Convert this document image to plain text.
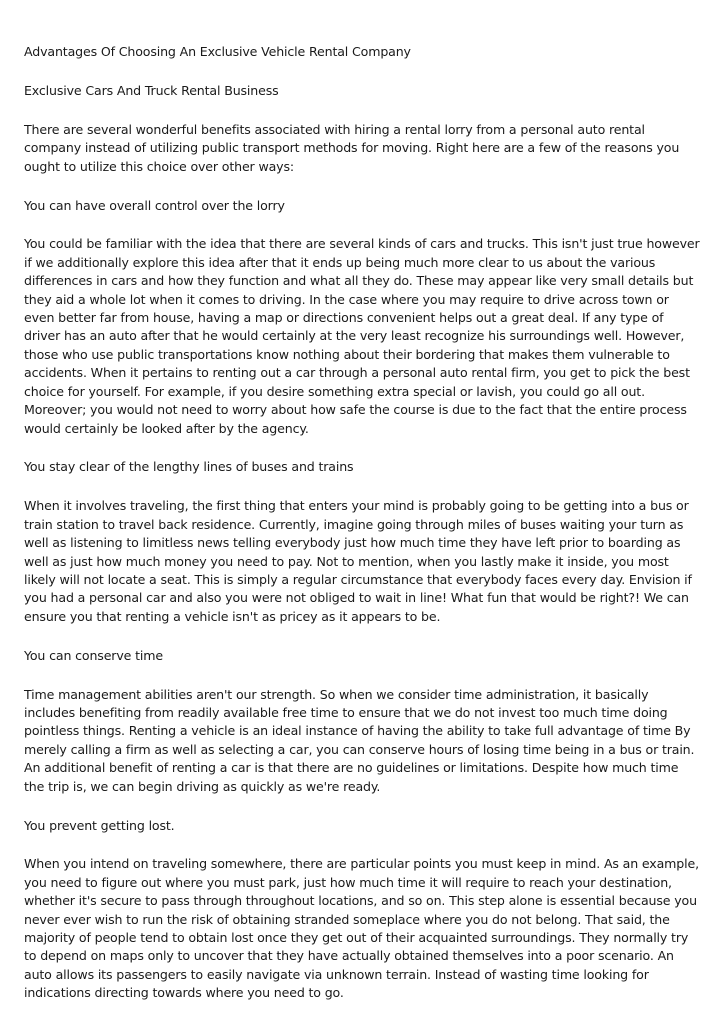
Advantages Of Choosing An Exclusive Vehicle Rental Company
Exclusive Cars And Truck Rental Business
There are several wonderful benefits associated with hiring a rental lorry from a personal auto rental company instead of utilizing public transport methods for moving. Right here are a few of the reasons you ought to utilize this choice over other ways:
You can have overall control over the lorry
You could be familiar with the idea that there are several kinds of cars and trucks. This isn't just true however if we additionally explore this idea after that it ends up being much more clear to us about the various differences in cars and how they function and what all they do. These may appear like very small details but they aid a whole lot when it comes to driving. In the case where you may require to drive across town or even better far from house, having a map or directions convenient helps out a great deal. If any type of driver has an auto after that he would certainly at the very least recognize his surroundings well. However, those who use public transportations know nothing about their bordering that makes them vulnerable to accidents. When it pertains to renting out a car through a personal auto rental firm, you get to pick the best choice for yourself. For example, if you desire something extra special or lavish, you could go all out. Moreover; you would not need to worry about how safe the course is due to the fact that the entire process would certainly be looked after by the agency.
You stay clear of the lengthy lines of buses and trains
When it involves traveling, the first thing that enters your mind is probably going to be getting into a bus or train station to travel back residence. Currently, imagine going through miles of buses waiting your turn as well as listening to limitless news telling everybody just how much time they have left prior to boarding as well as just how much money you need to pay. Not to mention, when you lastly make it inside, you most likely will not locate a seat. This is simply a regular circumstance that everybody faces every day. Envision if you had a personal car and also you were not obliged to wait in line! What fun that would be right?! We can ensure you that renting a vehicle isn't as pricey as it appears to be.
You can conserve time
Time management abilities aren't our strength. So when we consider time administration, it basically includes benefiting from readily available free time to ensure that we do not invest too much time doing pointless things. Renting a vehicle is an ideal instance of having the ability to take full advantage of time By merely calling a firm as well as selecting a car, you can conserve hours of losing time being in a bus or train. An additional benefit of renting a car is that there are no guidelines or limitations. Despite how much time the trip is, we can begin driving as quickly as we're ready.
You prevent getting lost.
When you intend on traveling somewhere, there are particular points you must keep in mind. As an example, you need to figure out where you must park, just how much time it will require to reach your destination, whether it's secure to pass through throughout locations, and so on. This step alone is essential because you never ever wish to run the risk of obtaining stranded someplace where you do not belong. That said, the majority of people tend to obtain lost once they get out of their acquainted surroundings. They normally try to depend on maps only to uncover that they have actually obtained themselves into a poor scenario. An auto allows its passengers to easily navigate via unknown terrain. Instead of wasting time looking for indications directing towards where you need to go.
